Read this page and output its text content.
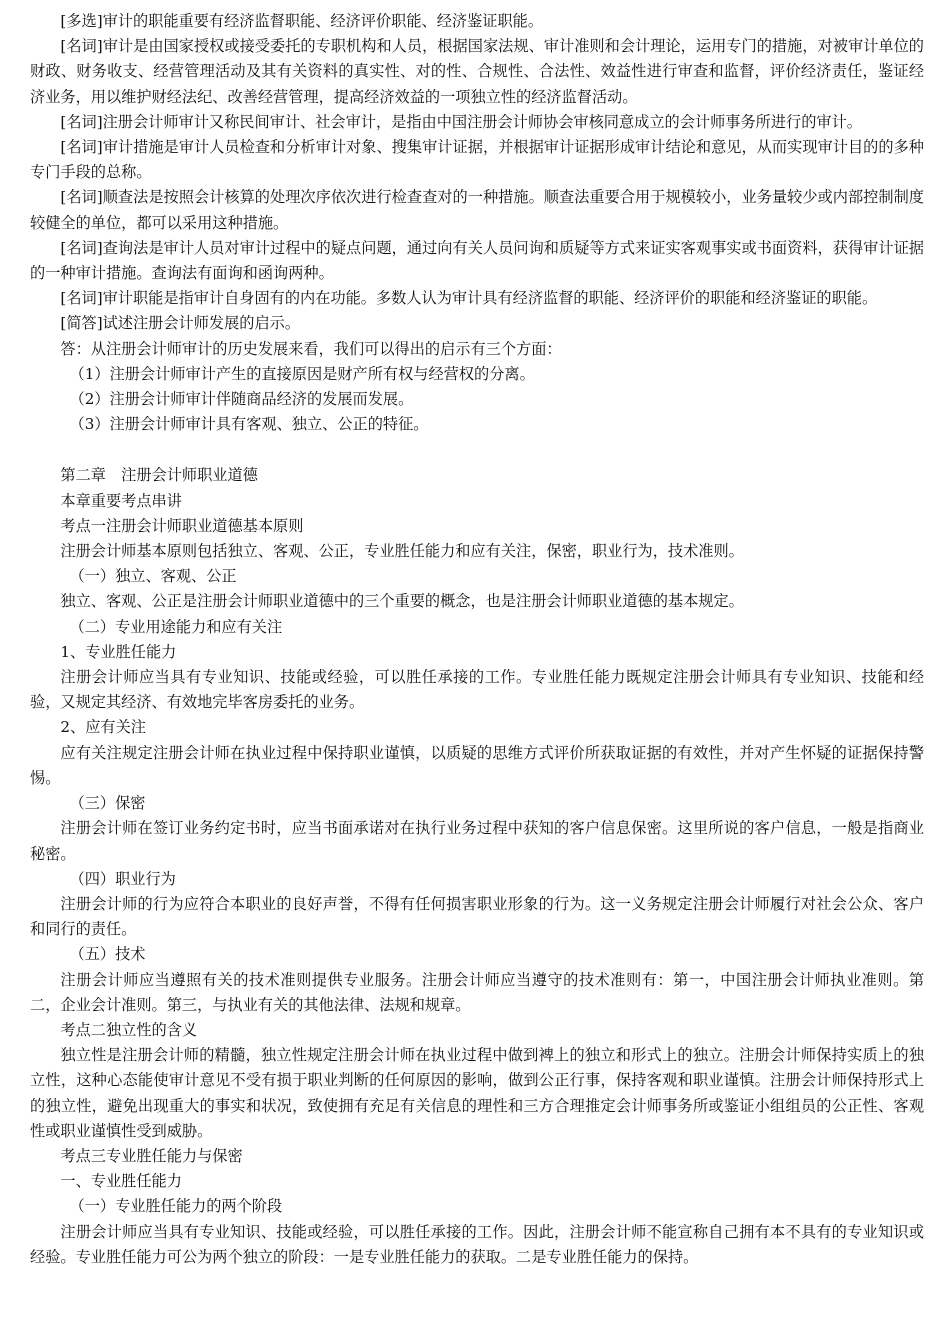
[多选]审计的职能重要有经济监督职能、经济评价职能、经济鉴证职能。

[名词]审计是由国家授权或接受委托的专职机构和人员，根据国家法规、审计准则和会计理论，运用专门的措施，对被审计单位的财政、财务收支、经营管理活动及其有关资料的真实性、对的性、合规性、合法性、效益性进行审查和监督，评价经济责任，鉴证经济业务，用以维护财经法纪、改善经营管理，提高经济效益的一项独立性的经济监督活动。

[名词]注册会计师审计又称民间审计、社会审计，是指由中国注册会计师协会审核同意成立的会计师事务所进行的审计。

[名词]审计措施是审计人员检查和分析审计对象、搜集审计证据，并根据审计证据形成审计结论和意见，从而实现审计目的的多种专门手段的总称。

[名词]顺查法是按照会计核算的处理次序依次进行检查查对的一种措施。顺查法重要合用于规模较小，业务量较少或内部控制制度较健全的单位，都可以采用这种措施。

[名词]查询法是审计人员对审计过程中的疑点问题，通过向有关人员问询和质疑等方式来证实客观事实或书面资料，获得审计证据的一种审计措施。查询法有面询和函询两种。

[名词]审计职能是指审计自身固有的内在功能。多数人认为审计具有经济监督的职能、经济评价的职能和经济鉴证的职能。

[简答]试述注册会计师发展的启示。

答：从注册会计师审计的历史发展来看，我们可以得出的启示有三个方面：

（1）注册会计师审计产生的直接原因是财产所有权与经营权的分离。

（2）注册会计师审计伴随商品经济的发展而发展。

（3）注册会计师审计具有客观、独立、公正的特征。

第二章　注册会计师职业道德

本章重要考点串讲

考点一注册会计师职业道德基本原则

注册会计师基本原则包括独立、客观、公正，专业胜任能力和应有关注，保密，职业行为，技术准则。

（一）独立、客观、公正

独立、客观、公正是注册会计师职业道德中的三个重要的概念，也是注册会计师职业道德的基本规定。

（二）专业用途能力和应有关注

1、专业胜任能力

注册会计师应当具有专业知识、技能或经验，可以胜任承接的工作。专业胜任能力既规定注册会计师具有专业知识、技能和经验，又规定其经济、有效地完毕客房委托的业务。

2、应有关注

应有关注规定注册会计师在执业过程中保持职业谨慎，以质疑的思维方式评价所获取证据的有效性，并对产生怀疑的证据保持警惕。

（三）保密

注册会计师在签订业务约定书时，应当书面承诺对在执行业务过程中获知的客户信息保密。这里所说的客户信息，一般是指商业秘密。

（四）职业行为

注册会计师的行为应符合本职业的良好声誉，不得有任何损害职业形象的行为。这一义务规定注册会计师履行对社会公众、客户和同行的责任。

（五）技术

注册会计师应当遵照有关的技术准则提供专业服务。注册会计师应当遵守的技术准则有：第一，中国注册会计师执业准则。第二，企业会计准则。第三，与执业有关的其他法律、法规和规章。

考点二独立性的含义

独立性是注册会计师的精髓，独立性规定注册会计师在执业过程中做到裨上的独立和形式上的独立。注册会计师保持实质上的独立性，这种心态能使审计意见不受有损于职业判断的任何原因的影响，做到公正行事，保持客观和职业谨慎。注册会计师保持形式上的独立性，避免出现重大的事实和状况，致使拥有充足有关信息的理性和三方合理推定会计师事务所或鉴证小组组员的公正性、客观性或职业谨慎性受到威胁。

考点三专业胜任能力与保密

一、专业胜任能力

（一）专业胜任能力的两个阶段

注册会计师应当具有专业知识、技能或经验，可以胜任承接的工作。因此，注册会计师不能宣称自己拥有本不具有的专业知识或经验。专业胜任能力可公为两个独立的阶段：一是专业胜任能力的获取。二是专业胜任能力的保持。
